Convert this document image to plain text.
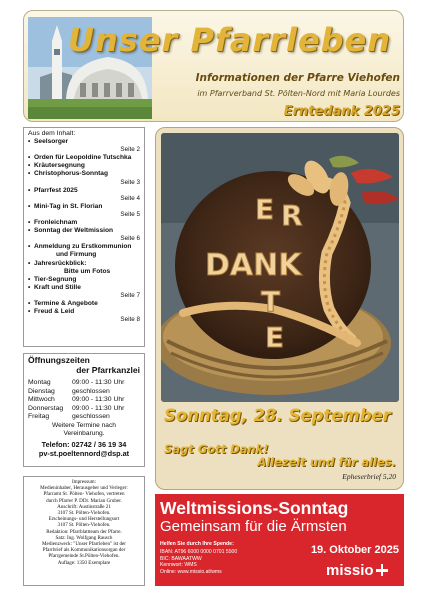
Unser Pfarrleben
Informationen der Pfarre Viehofen
im Pfarrverband St. Pölten-Nord mit Maria Lourdes
Erntedank 2025
Aus dem Inhalt:
• Seelsorger
Seite 2
• Orden für Leopoldine Tutschka
• Kräutersegnung
• Christophorus-Sonntag
Seite 3
• Pfarrfest 2025
Seite 4
• Mini-Tag in St. Florian
Seite 5
• Fronleichnam
• Sonntag der Weltmission
Seite 6
• Anmeldung zu Erstkommunion
und Firmung
• Jahresrückblick:
Bitte um Fotos
• Tier-Segnung
• Kraft und Stille
Seite 7
• Termine & Angebote
• Freud & Leid
Seite 8
Öffnungszeiten
der Pfarrkanzlei
Montag	09:00 - 11:30 Uhr
Dienstag	geschlossen
Mittwoch	09:00 - 11:30 Uhr
Donnerstag	09:00 - 11:30 Uhr
Freitag	geschlossen
Weitere Termine nach
Vereinbarung.
Telefon: 02742 / 36 19 34
pv-st.poeltennord@dsp.at
Impressum:
Medieninhaber, Herausgeber und Verleger:
Pfarramt St. Pölten- Viehofen, vertreten
durch Pfarrer P. DDr. Marian Gruber.
Anschrift: Austinstraße 21
3107 St. Pölten-Viehofen.
Erscheinungs- und Herstellungsort
3107 St. Pölten-Viehofen.
Redaktion: Pfarrblattteam der Pfarre.
Satz: Ing. Wolfgang Rausch
Medienzweck: "Unser Pfarrleben" ist der
Pfarrbrief als Kommunikationsorgan der
Pfarrgemeinde St.Pölten-Viehofen.
Auflage: 1350 Exemplare
E R
DANK
T
E
Sonntag, 28. September
Sagt Gott Dank!
Allezeit und für alles.
Epheserbrief 5,20
Weltmissions-Sonntag
Gemeinsam für die Ärmsten
Helfen Sie durch Ihre Spende:
IBAN: AT96 6000 0000 0701 5500
BIC: BAWAATWW
Kennwort: WMS
Online: www.missio.at/wms
19. Oktober 2025
missio
